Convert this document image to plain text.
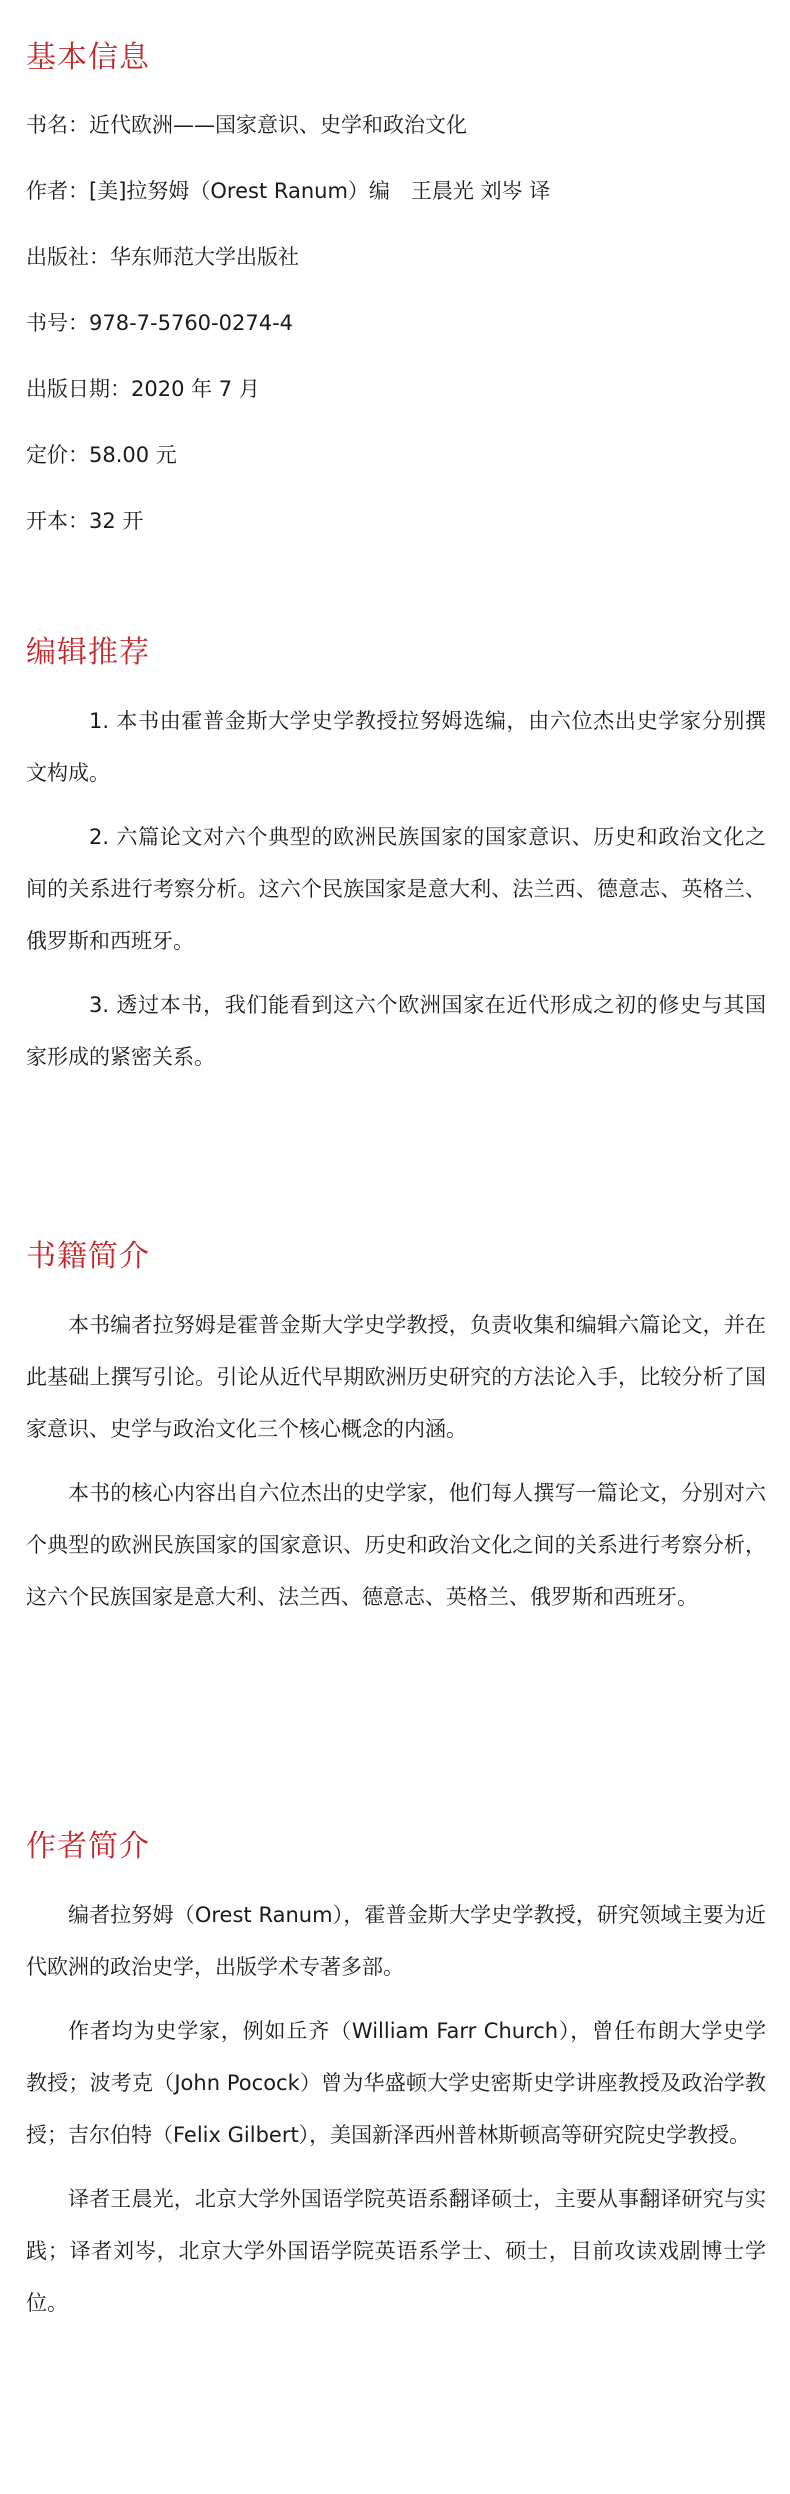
基本信息

书名：近代欧洲——国家意识、史学和政治文化

作者：[美]拉努姆（Orest Ranum）编　王晨光 刘岑 译

出版社：华东师范大学出版社

书号：978-7-5760-0274-4

出版日期：2020 年 7 月

定价：58.00 元

开本：32 开

编辑推荐

1. 本书由霍普金斯大学史学教授拉努姆选编，由六位杰出史学家分别撰文构成。

2. 六篇论文对六个典型的欧洲民族国家的国家意识、历史和政治文化之间的关系进行考察分析。这六个民族国家是意大利、法兰西、德意志、英格兰、俄罗斯和西班牙。

3. 透过本书，我们能看到这六个欧洲国家在近代形成之初的修史与其国家形成的紧密关系。

书籍简介

本书编者拉努姆是霍普金斯大学史学教授，负责收集和编辑六篇论文，并在此基础上撰写引论。引论从近代早期欧洲历史研究的方法论入手，比较分析了国家意识、史学与政治文化三个核心概念的内涵。

本书的核心内容出自六位杰出的史学家，他们每人撰写一篇论文，分别对六个典型的欧洲民族国家的国家意识、历史和政治文化之间的关系进行考察分析，这六个民族国家是意大利、法兰西、德意志、英格兰、俄罗斯和西班牙。

作者简介

编者拉努姆（Orest Ranum），霍普金斯大学史学教授，研究领域主要为近代欧洲的政治史学，出版学术专著多部。

作者均为史学家，例如丘齐（William Farr Church），曾任布朗大学史学教授；波考克（John Pocock）曾为华盛顿大学史密斯史学讲座教授及政治学教授；吉尔伯特（Felix Gilbert），美国新泽西州普林斯顿高等研究院史学教授。

译者王晨光，北京大学外国语学院英语系翻译硕士，主要从事翻译研究与实践；译者刘岑，北京大学外国语学院英语系学士、硕士，目前攻读戏剧博士学位。
